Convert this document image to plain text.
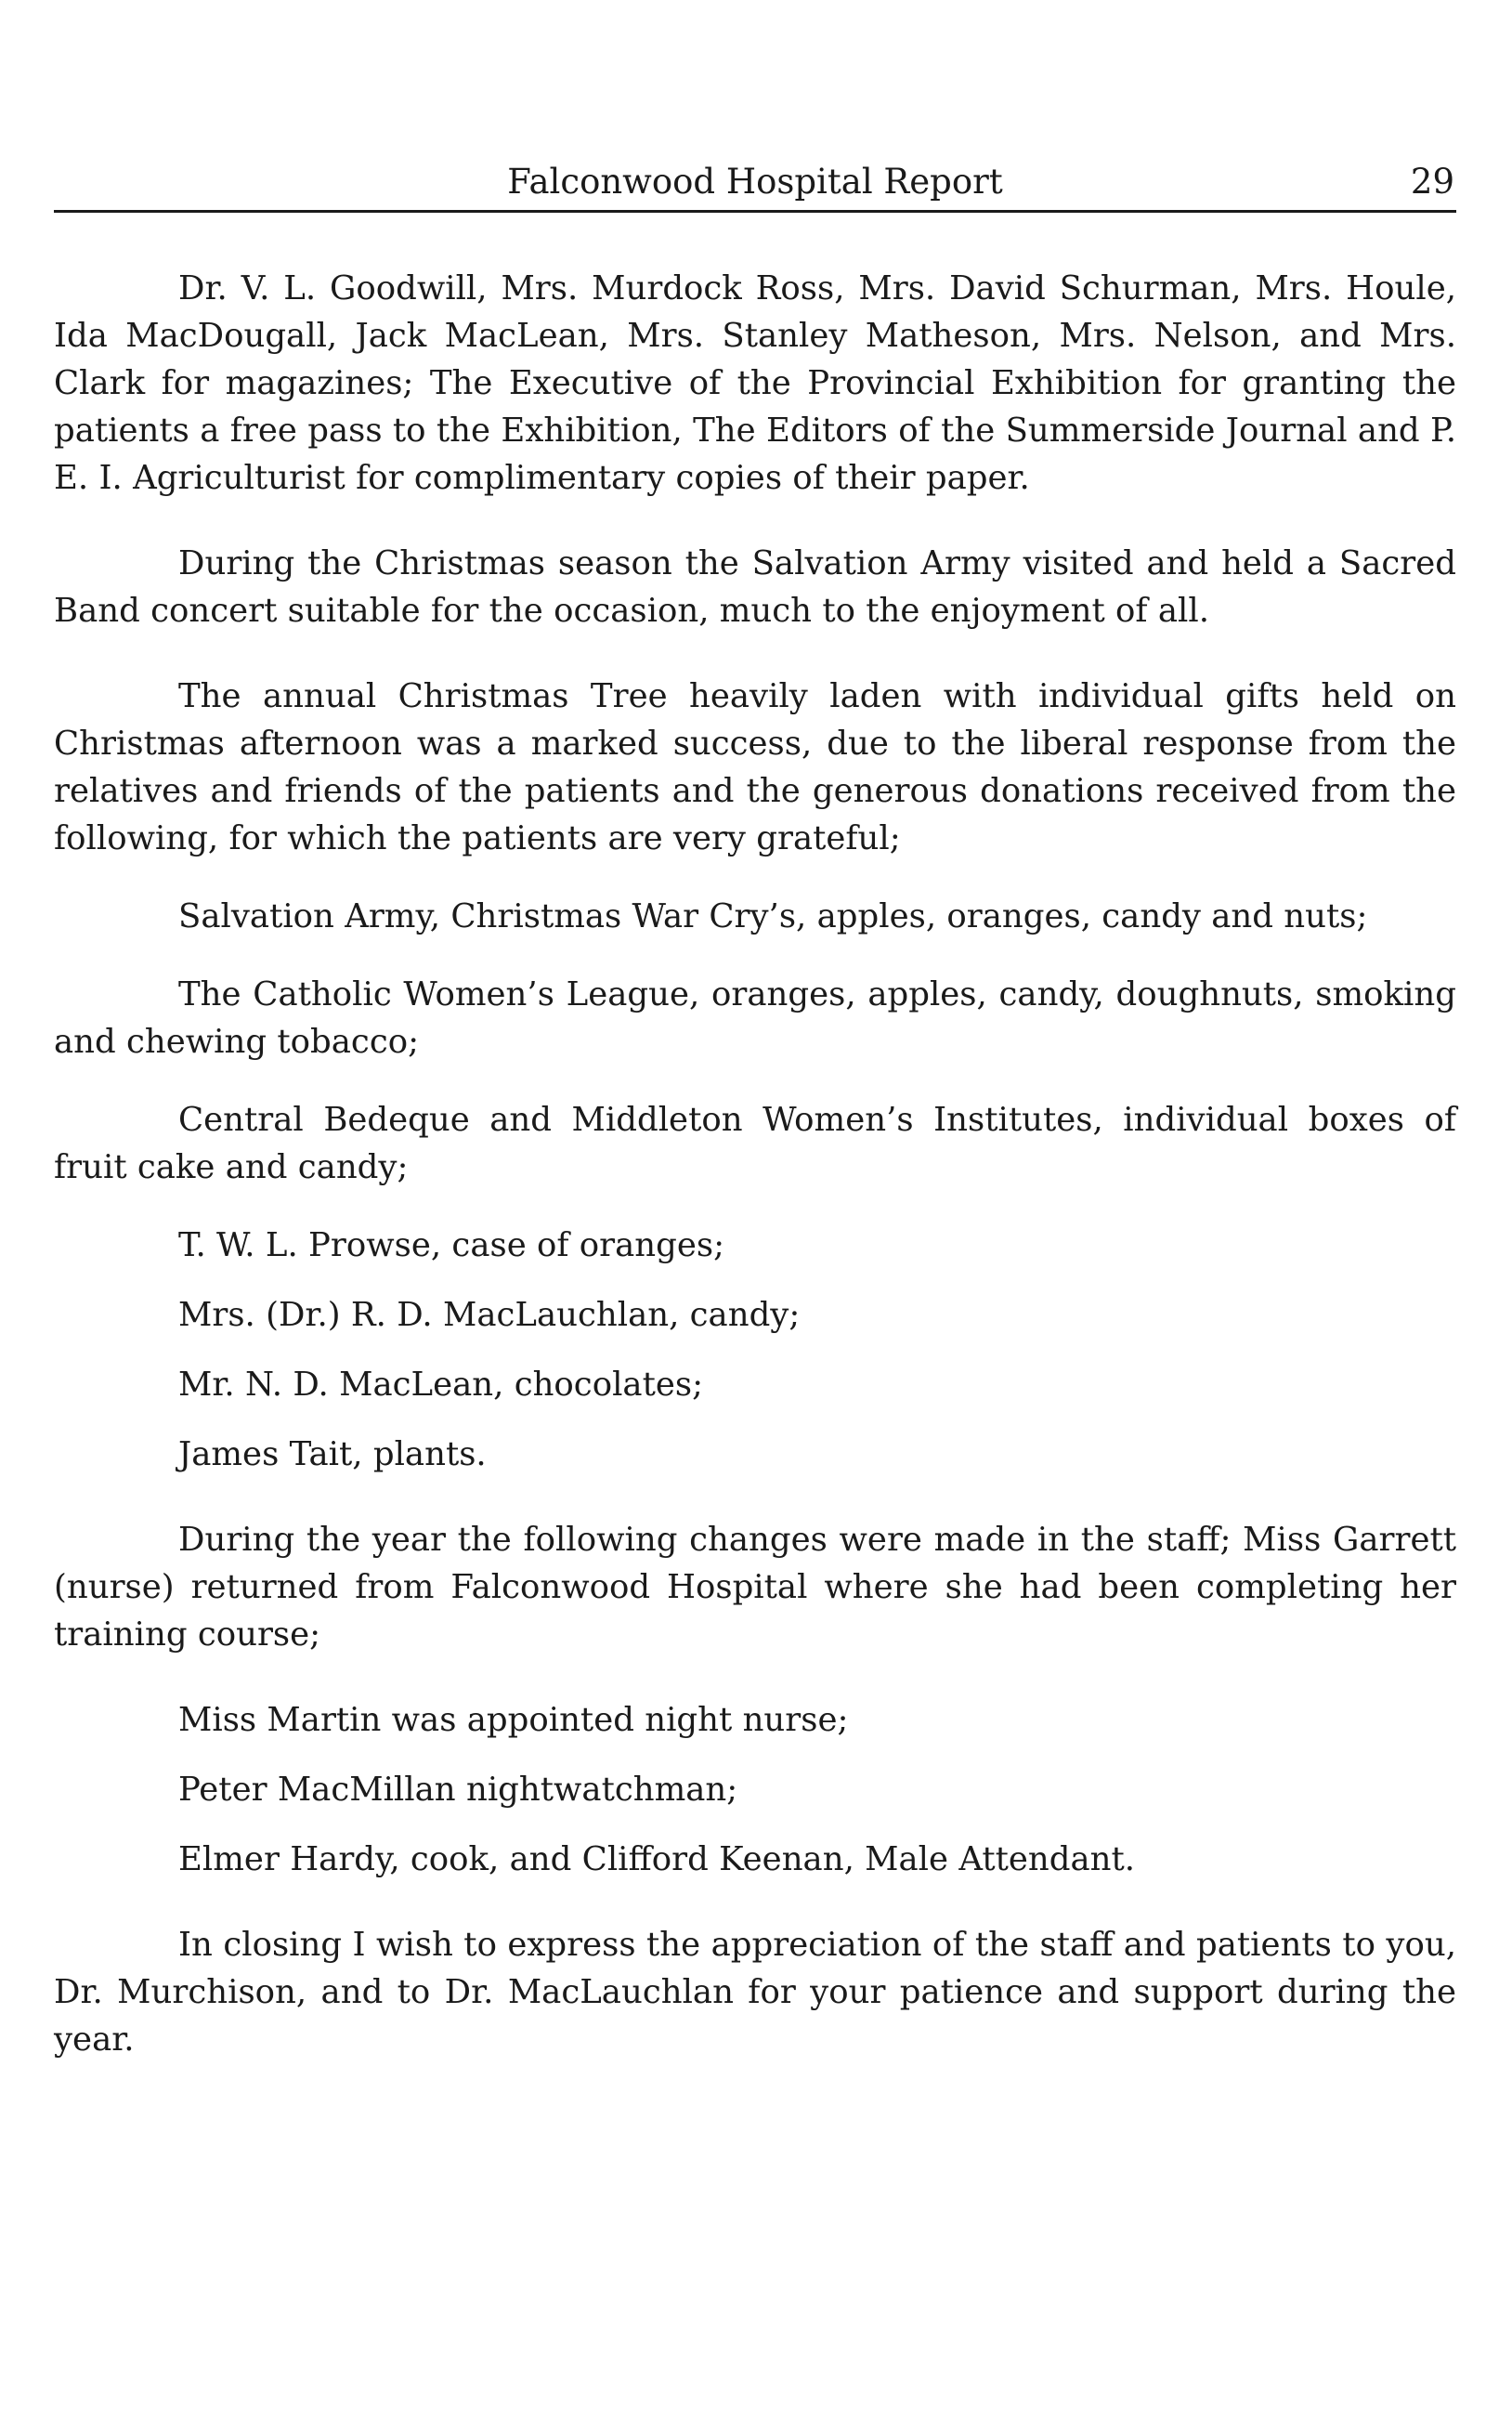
Falconwood Hospital Report	29

Dr. V. L. Goodwill, Mrs. Murdock Ross, Mrs. David Schurman, Mrs. Houle, Ida MacDougall, Jack MacLean, Mrs. Stanley Matheson, Mrs. Nelson, and Mrs. Clark for magazines; The Executive of the Provincial Exhibition for granting the patients a free pass to the Exhibition, The Editors of the Summerside Journal and P. E. I. Agriculturist for complimentary copies of their paper.

During the Christmas season the Salvation Army visited and held a Sacred Band concert suitable for the occasion, much to the enjoyment of all.

The annual Christmas Tree heavily laden with individual gifts held on Christmas afternoon was a marked success, due to the liberal response from the relatives and friends of the patients and the generous donations received from the following, for which the patients are very grateful;

Salvation Army, Christmas War Cry’s, apples, oranges, candy and nuts;

The Catholic Women’s League, oranges, apples, candy, doughnuts, smoking and chewing tobacco;

Central Bedeque and Middleton Women’s Institutes, individual boxes of fruit cake and candy;

T. W. L. Prowse, case of oranges;

Mrs. (Dr.) R. D. MacLauchlan, candy;

Mr. N. D. MacLean, chocolates;

James Tait, plants.

During the year the following changes were made in the staff; Miss Garrett (nurse) returned from Falconwood Hospital where she had been completing her training course;

Miss Martin was appointed night nurse;

Peter MacMillan nightwatchman;

Elmer Hardy, cook, and Clifford Keenan, Male Attendant.

In closing I wish to express the appreciation of the staff and patients to you, Dr. Murchison, and to Dr. MacLauchlan for your patience and support during the year.
